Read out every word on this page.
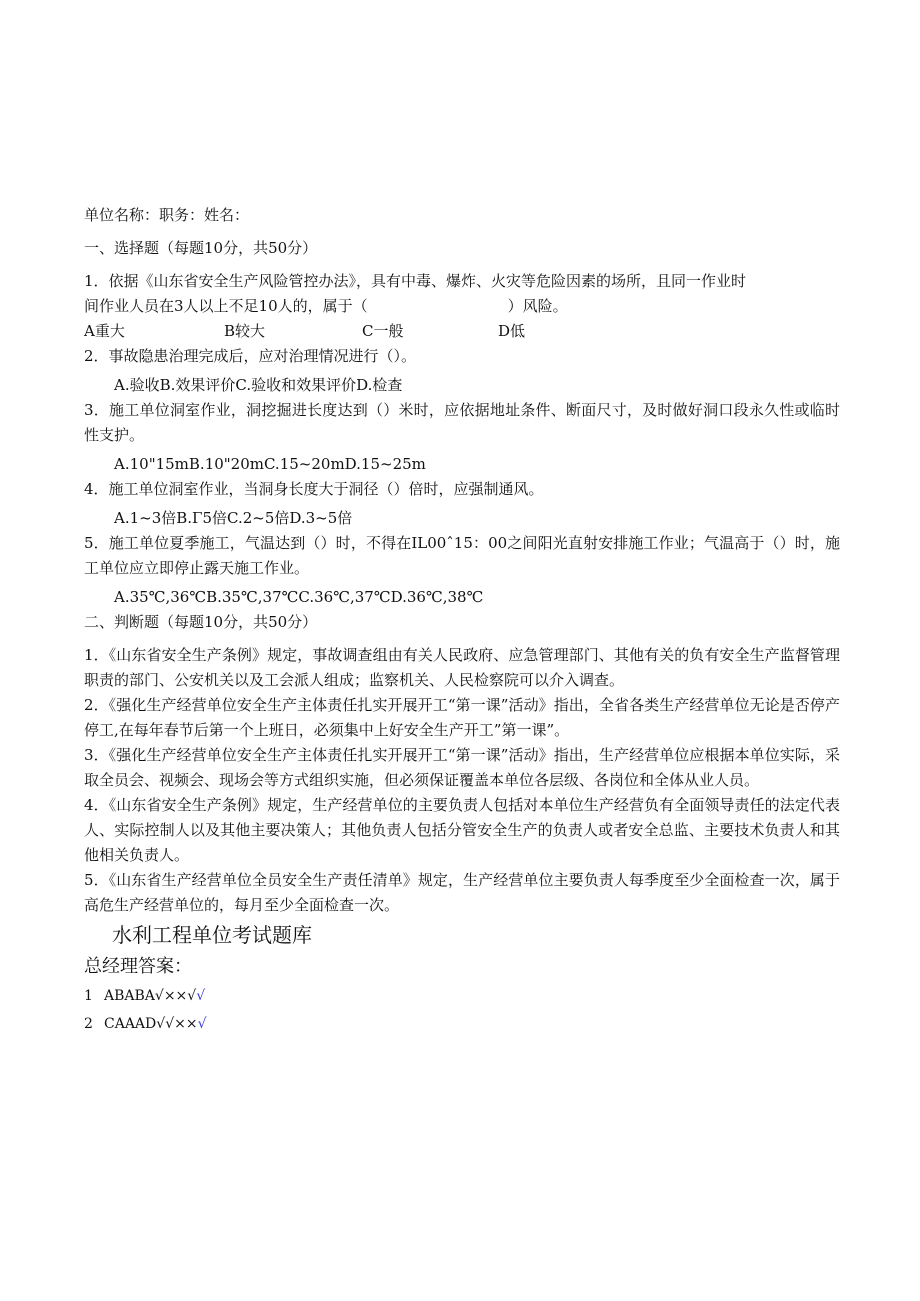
单位名称：职务：姓名：
一、选择题（每题10分，共50分）
1．依据《山东省安全生产风险管控办法》，具有中毒、爆炸、火灾等危险因素的场所，且同一作业时
间作业人员在3人以上不足10人的，属于（	）风险。
A重大	B较大	C一般	D低
2．事故隐患治理完成后，应对治理情况进行（）。
A.验收B.效果评价C.验收和效果评价D.检查
3．施工单位洞室作业，洞挖掘进长度达到（）米时，应依据地址条件、断面尺寸，及时做好洞口段永久性或临时性支护。
A.10"15mB.10"20mC.15~20mD.15~25m
4．施工单位洞室作业，当洞身长度大于洞径（）倍时，应强制通风。
A.1~3倍B.Γ5倍C.2~5倍D.3~5倍
5．施工单位夏季施工，气温达到（）时，不得在IL00ˆ15：00之间阳光直射安排施工作业；气温高于（）时，施工单位应立即停止露天施工作业。
A.35℃,36℃B.35℃,37℃C.36℃,37℃D.36℃,38℃
二、判断题（每题10分，共50分）
1．《山东省安全生产条例》规定，事故调查组由有关人民政府、应急管理部门、其他有关的负有安全生产监督管理职责的部门、公安机关以及工会派人组成；监察机关、人民检察院可以介入调查。
2．《强化生产经营单位安全生产主体责任扎实开展开工“第一课”活动》指出，全省各类生产经营单位无论是否停产停工,在每年春节后第一个上班日，必须集中上好安全生产开工”第一课”。
3．《强化生产经营单位安全生产主体责任扎实开展开工“第一课”活动》指出，生产经营单位应根据本单位实际，采取全员会、视频会、现场会等方式组织实施，但必须保证覆盖本单位各层级、各岗位和全体从业人员。
4．《山东省安全生产条例》规定，生产经营单位的主要负责人包括对本单位生产经营负有全面领导责任的法定代表人、实际控制人以及其他主要决策人；其他负责人包括分管安全生产的负责人或者安全总监、主要技术负责人和其他相关负责人。
5．《山东省生产经营单位全员安全生产责任清单》规定，生产经营单位主要负责人每季度至少全面检查一次，属于高危生产经营单位的，每月至少全面检查一次。
水利工程单位考试题库
总经理答案：
1 ABABA√××√√
2 CAAAD√√××√
